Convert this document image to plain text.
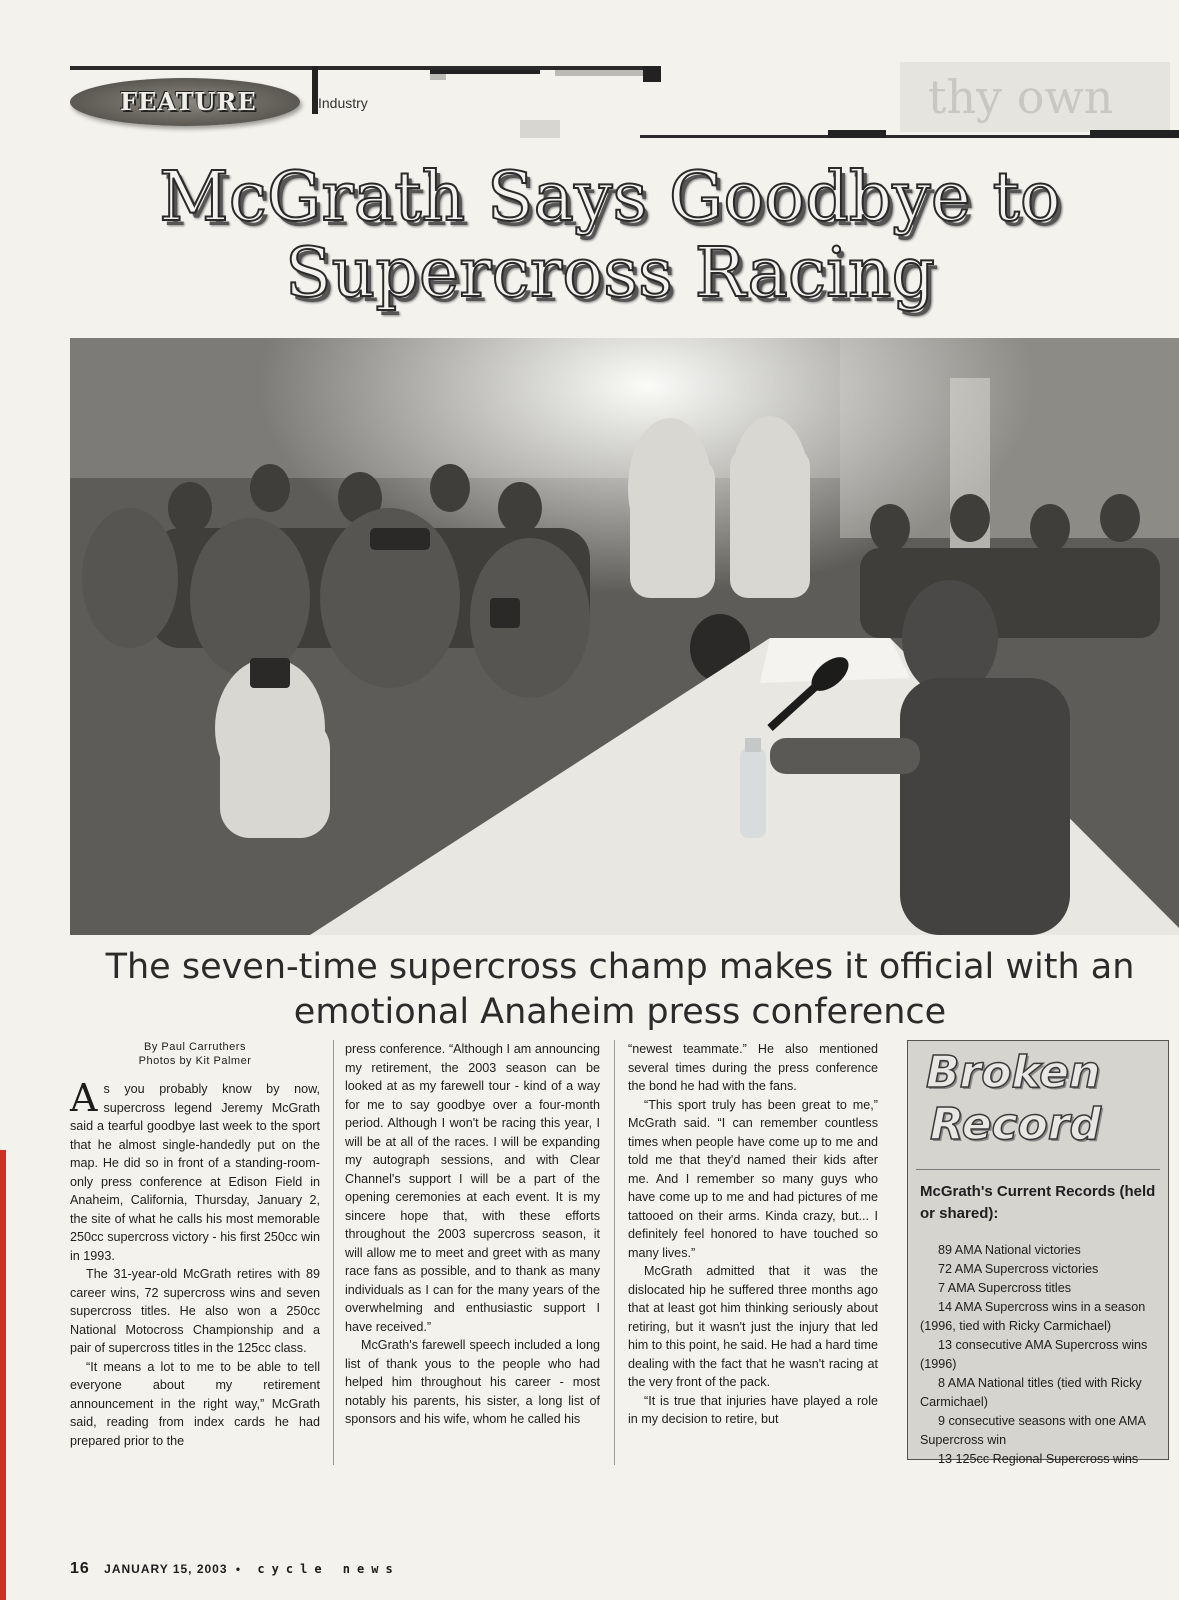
thy own
FEATURE	Industry
McGrath Says Goodbye to Supercross Racing
The seven-time supercross champ makes it official with an emotional Anaheim press conference
By Paul Carruthers
Photos by Kit Palmer

As you probably know by now, supercross legend Jeremy McGrath said a tearful goodbye last week to the sport that he almost single-handedly put on the map. He did so in front of a standing-room-only press conference at Edison Field in Anaheim, California, Thursday, January 2, the site of what he calls his most memorable 250cc supercross victory - his first 250cc win in 1993.

The 31-year-old McGrath retires with 89 career wins, 72 supercross wins and seven supercross titles. He also won a 250cc National Motocross Championship and a pair of supercross titles in the 125cc class.

“It means a lot to me to be able to tell everyone about my retirement announcement in the right way,” McGrath said, reading from index cards he had prepared prior to the

press conference. “Although I am announcing my retirement, the 2003 season can be looked at as my farewell tour - kind of a way for me to say goodbye over a four-month period. Although I won't be racing this year, I will be at all of the races. I will be expanding my autograph sessions, and with Clear Channel's support I will be a part of the opening ceremonies at each event. It is my sincere hope that, with these efforts throughout the 2003 supercross season, it will allow me to meet and greet with as many race fans as possible, and to thank as many individuals as I can for the many years of the overwhelming and enthusiastic support I have received.”

McGrath's farewell speech included a long list of thank yous to the people who had helped him throughout his career - most notably his parents, his sister, a long list of sponsors and his wife, whom he called his

“newest teammate.” He also mentioned several times during the press conference the bond he had with the fans.

“This sport truly has been great to me,” McGrath said. “I can remember countless times when people have come up to me and told me that they'd named their kids after me. And I remember so many guys who have come up to me and had pictures of me tattooed on their arms. Kinda crazy, but... I definitely feel honored to have touched so many lives.”

McGrath admitted that it was the dislocated hip he suffered three months ago that at least got him thinking seriously about retiring, but it wasn't just the injury that led him to this point, he said. He had a hard time dealing with the fact that he wasn't racing at the very front of the pack.

“It is true that injuries have played a role in my decision to retire, but

Broken
Record
McGrath's Current Records (held or shared):
89 AMA National victories
72 AMA Supercross victories
7 AMA Supercross titles
14 AMA Supercross wins in a season (1996, tied with Ricky Carmichael)
13 consecutive AMA Supercross wins (1996)
8 AMA National titles (tied with Ricky Carmichael)
9 consecutive seasons with one AMA Supercross win
13 125cc Regional Supercross wins
16 JANUARY 15, 2003 • cycle news
